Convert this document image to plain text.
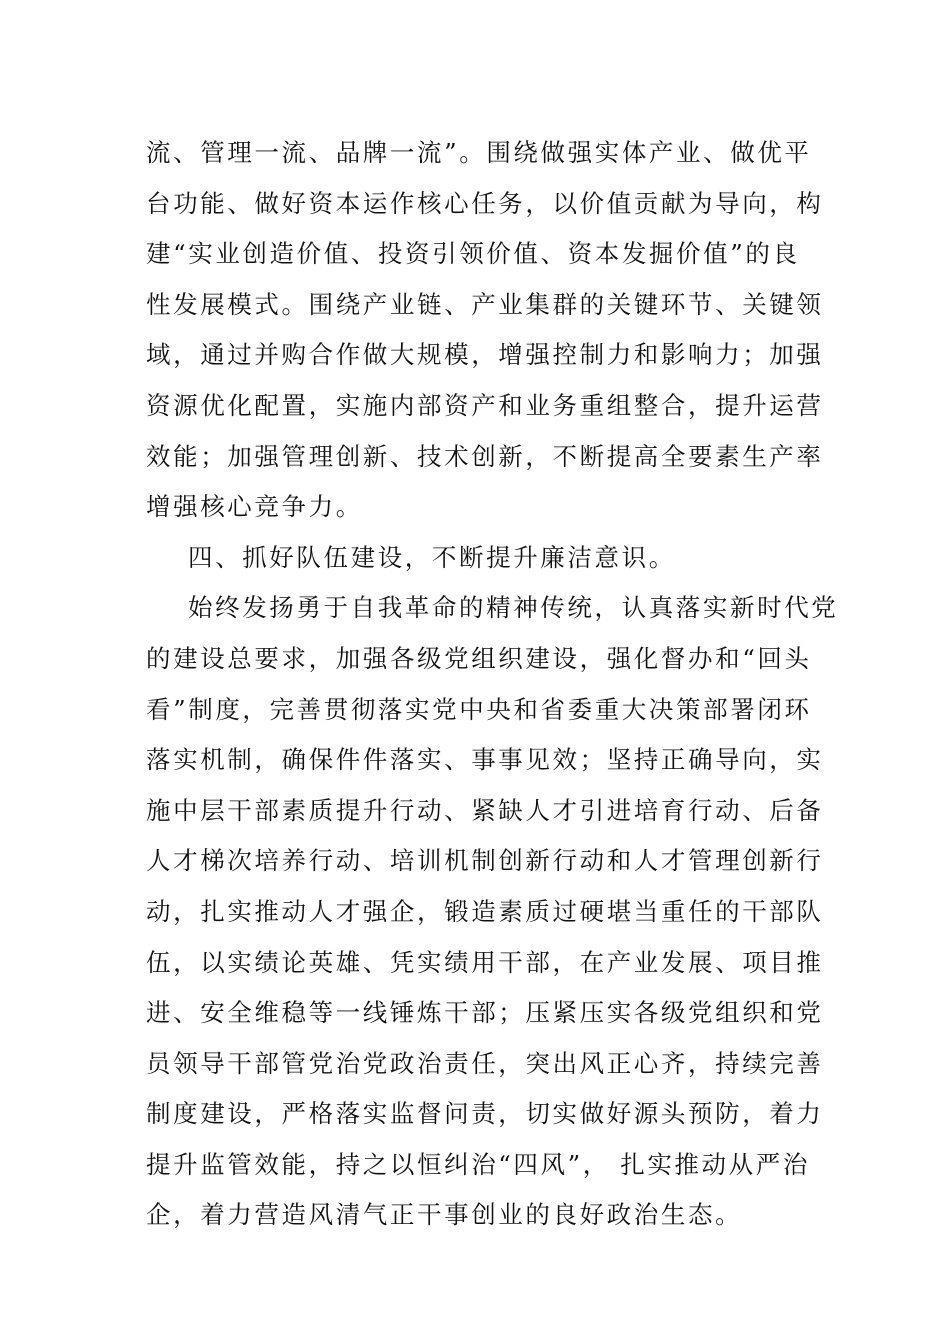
流、管理一流、品牌一流”。围绕做强实体产业、做优平
台功能、做好资本运作核心任务，以价值贡献为导向，构
建“实业创造价值、投资引领价值、资本发掘价值”的良
性发展模式。围绕产业链、产业集群的关键环节、关键领
域，通过并购合作做大规模，增强控制力和影响力；加强
资源优化配置，实施内部资产和业务重组整合，提升运营
效能；加强管理创新、技术创新，不断提高全要素生产率
增强核心竞争力。
四、抓好队伍建设，不断提升廉洁意识。
始终发扬勇于自我革命的精神传统，认真落实新时代党
的建设总要求，加强各级党组织建设，强化督办和“回头
看”制度，完善贯彻落实党中央和省委重大决策部署闭环
落实机制，确保件件落实、事事见效；坚持正确导向，实
施中层干部素质提升行动、紧缺人才引进培育行动、后备
人才梯次培养行动、培训机制创新行动和人才管理创新行
动，扎实推动人才强企，锻造素质过硬堪当重任的干部队
伍，以实绩论英雄、凭实绩用干部，在产业发展、项目推
进、安全维稳等一线锤炼干部；压紧压实各级党组织和党
员领导干部管党治党政治责任，突出风正心齐，持续完善
制度建设，严格落实监督问责，切实做好源头预防，着力
提升监管效能，持之以恒纠治“四风”， 扎实推动从严治
企，着力营造风清气正干事创业的良好政治生态。
